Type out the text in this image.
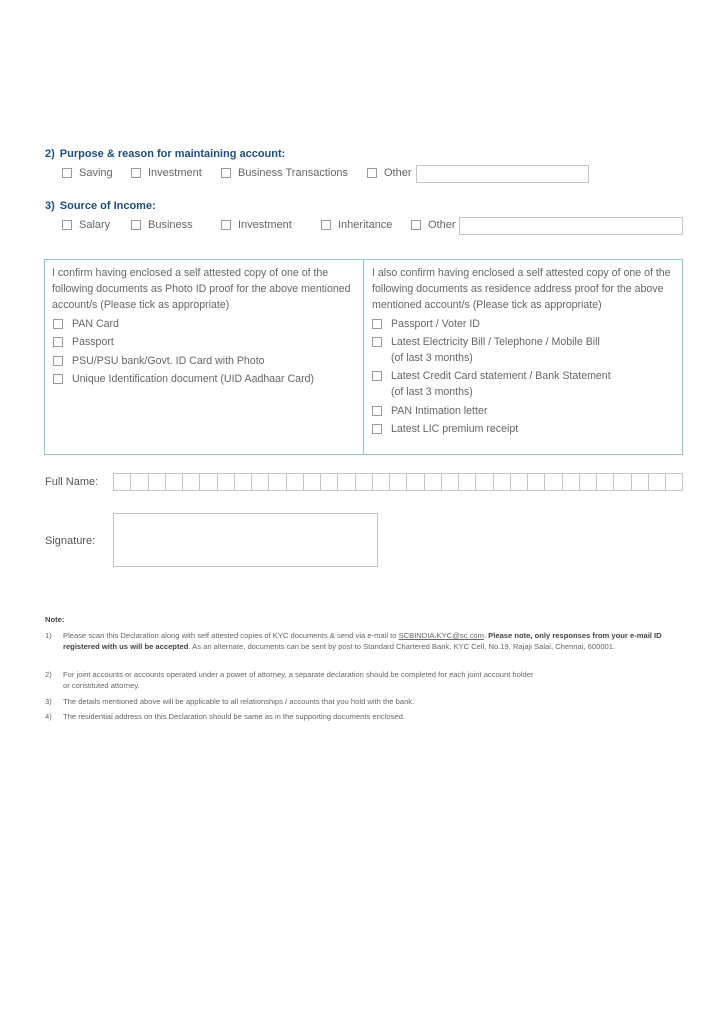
2) Purpose & reason for maintaining account:
Saving	Investment	Business Transactions	Other
3) Source of Income:
Salary	Business	Investment	Inheritance	Other
I confirm having enclosed a self attested copy of one of the following documents as Photo ID proof for the above mentioned account/s (Please tick as appropriate)
PAN Card
Passport
PSU/PSU bank/Govt. ID Card with Photo
Unique Identification document (UID Aadhaar Card)
I also confirm having enclosed a self attested copy of one of the following documents as residence address proof for the above mentioned account/s (Please tick as appropriate)
Passport / Voter ID
Latest Electricity Bill / Telephone / Mobile Bill
(of last 3 months)
Latest Credit Card statement / Bank Statement
(of last 3 months)
PAN Intimation letter
Latest LIC premium receipt
Full Name:
Signature:
Note:
1) Please scan this Declaration along with self attested copies of KYC documents & send via e-mail to SCBINDIA.KYC@sc.com. Please note, only responses from your e-mail ID registered with us will be accepted. As an alternate, documents can be sent by post to Standard Chartered Bank, KYC Cell, No.19, Rajaji Salai, Chennai, 600001.
2) For joint accounts or accounts operated under a power of attorney, a separate declaration should be completed for each joint account holder
or constituted attorney.
3) The details mentioned above will be applicable to all relationships / accounts that you hold with the bank.
4) The residential address on this Declaration should be same as in the supporting documents enclosed.
